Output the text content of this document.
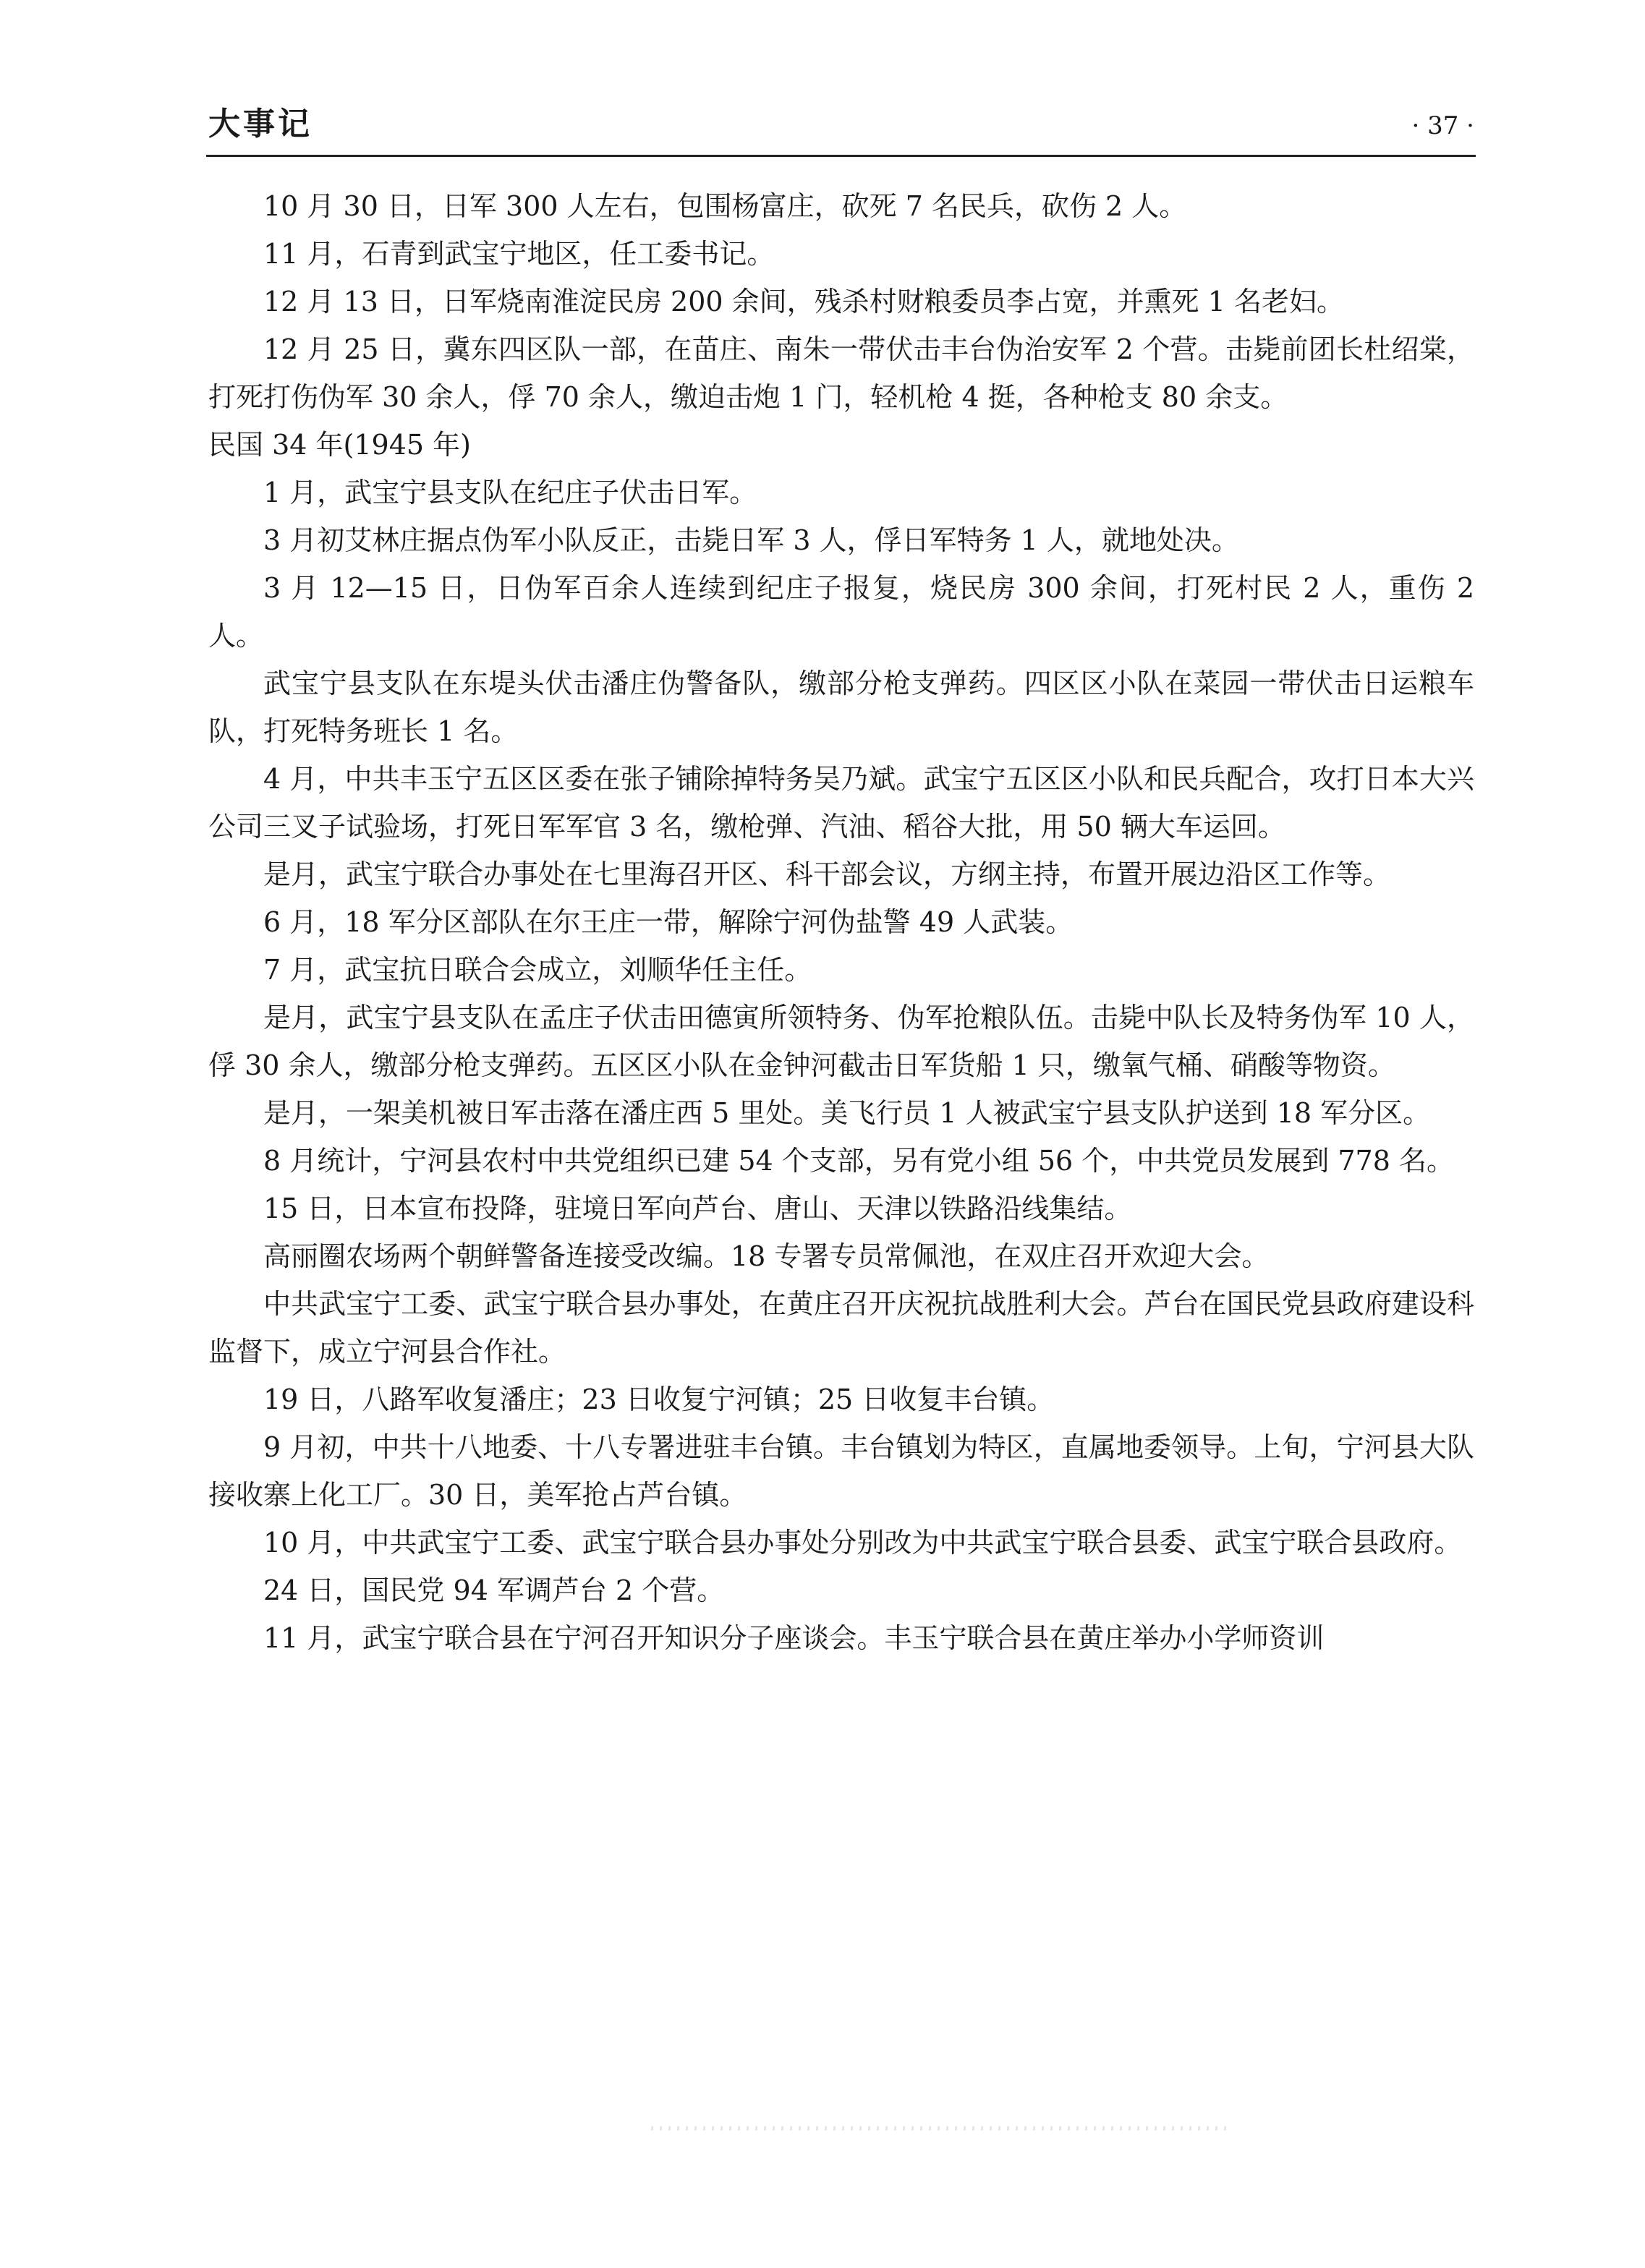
大事记	· 37 ·

10 月 30 日，日军 300 人左右，包围杨富庄，砍死 7 名民兵，砍伤 2 人。

11 月，石青到武宝宁地区，任工委书记。

12 月 13 日，日军烧南淮淀民房 200 余间，残杀村财粮委员李占宽，并熏死 1 名老妇。

12 月 25 日，冀东四区队一部，在苗庄、南朱一带伏击丰台伪治安军 2 个营。击毙前团长杜绍棠，打死打伤伪军 30 余人，俘 70 余人，缴迫击炮 1 门，轻机枪 4 挺，各种枪支 80 余支。

民国 34 年(1945 年)

1 月，武宝宁县支队在纪庄子伏击日军。

3 月初艾林庄据点伪军小队反正，击毙日军 3 人，俘日军特务 1 人，就地处决。

3 月 12—15 日，日伪军百余人连续到纪庄子报复，烧民房 300 余间，打死村民 2 人，重伤 2 人。

武宝宁县支队在东堤头伏击潘庄伪警备队，缴部分枪支弹药。四区区小队在菜园一带伏击日运粮车队，打死特务班长 1 名。

4 月，中共丰玉宁五区区委在张子铺除掉特务吴乃斌。武宝宁五区区小队和民兵配合，攻打日本大兴公司三叉子试验场，打死日军军官 3 名，缴枪弹、汽油、稻谷大批，用 50 辆大车运回。

是月，武宝宁联合办事处在七里海召开区、科干部会议，方纲主持，布置开展边沿区工作等。

6 月，18 军分区部队在尔王庄一带，解除宁河伪盐警 49 人武装。

7 月，武宝抗日联合会成立，刘顺华任主任。

是月，武宝宁县支队在孟庄子伏击田德寅所领特务、伪军抢粮队伍。击毙中队长及特务伪军 10 人，俘 30 余人，缴部分枪支弹药。五区区小队在金钟河截击日军货船 1 只，缴氧气桶、硝酸等物资。

是月，一架美机被日军击落在潘庄西 5 里处。美飞行员 1 人被武宝宁县支队护送到 18 军分区。

8 月统计，宁河县农村中共党组织已建 54 个支部，另有党小组 56 个，中共党员发展到 778 名。

15 日，日本宣布投降，驻境日军向芦台、唐山、天津以铁路沿线集结。

高丽圈农场两个朝鲜警备连接受改编。18 专署专员常佩池，在双庄召开欢迎大会。

中共武宝宁工委、武宝宁联合县办事处，在黄庄召开庆祝抗战胜利大会。芦台在国民党县政府建设科监督下，成立宁河县合作社。

19 日，八路军收复潘庄；23 日收复宁河镇；25 日收复丰台镇。

9 月初，中共十八地委、十八专署进驻丰台镇。丰台镇划为特区，直属地委领导。上旬，宁河县大队接收寨上化工厂。30 日，美军抢占芦台镇。

10 月，中共武宝宁工委、武宝宁联合县办事处分别改为中共武宝宁联合县委、武宝宁联合县政府。

24 日，国民党 94 军调芦台 2 个营。

11 月，武宝宁联合县在宁河召开知识分子座谈会。丰玉宁联合县在黄庄举办小学师资训
